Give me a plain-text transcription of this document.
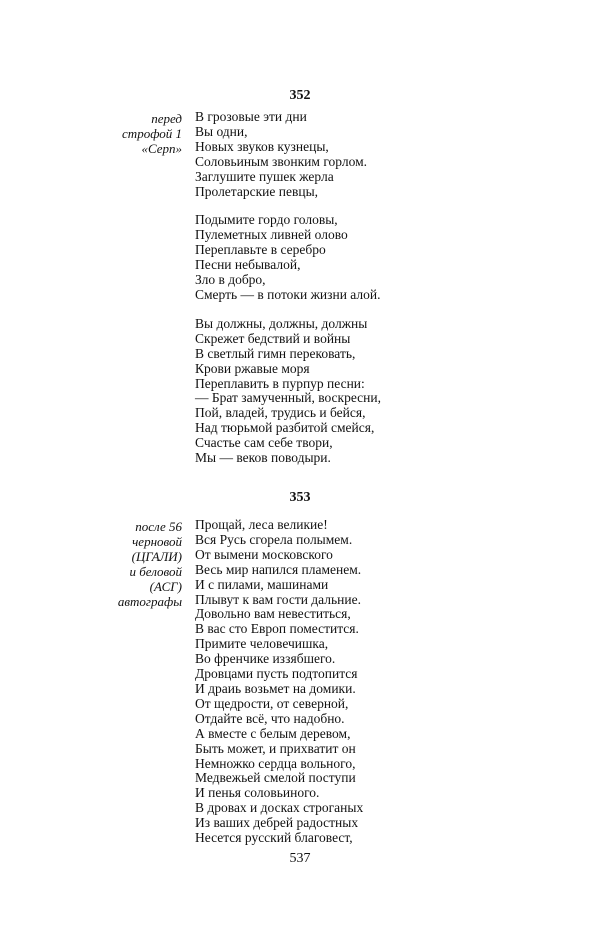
352
перед
строфой 1
«Серп»
В грозовые эти дни
Вы одни,
Новых звуков кузнецы,
Соловьиным звонким горлом.
Заглушите пушек жерла
Пролетарские певцы,
Подымите гордо головы,
Пулеметных ливней олово
Переплавьте в серебро
Песни небывалой,
Зло в добро,
Смерть — в потоки жизни алой.
Вы должны, должны, должны
Скрежет бедствий и войны
В светлый гимн перековать,
Крови ржавые моря
Переплавить в пурпур песни:
— Брат замученный, воскресни,
Пой, владей, трудись и бейся,
Над тюрьмой разбитой смейся,
Счастье сам себе твори,
Мы — веков поводыри.
353
после 56
черновой
(ЦГАЛИ)
и беловой
(АСГ)
автографы
Прощай, леса великие!
Вся Русь сгорела полымем.
От вымени московского
Весь мир напился пламенем.
И с пилами, машинами
Плывут к вам гости дальние.
Довольно вам невеститься,
В вас сто Европ поместится.
Примите человечишка,
Во френчике иззябшего.
Дровцами пусть подтопится
И драиь возьмет на домики.
От щедрости, от северной,
Отдайте всё, что надобно.
А вместе с белым деревом,
Быть может, и прихватит он
Немножко сердца вольного,
Медвежьей смелой поступи
И пенья соловьиного.
В дровах и досках строганых
Из ваших дебрей радостных
Несется русский благовест,
537
